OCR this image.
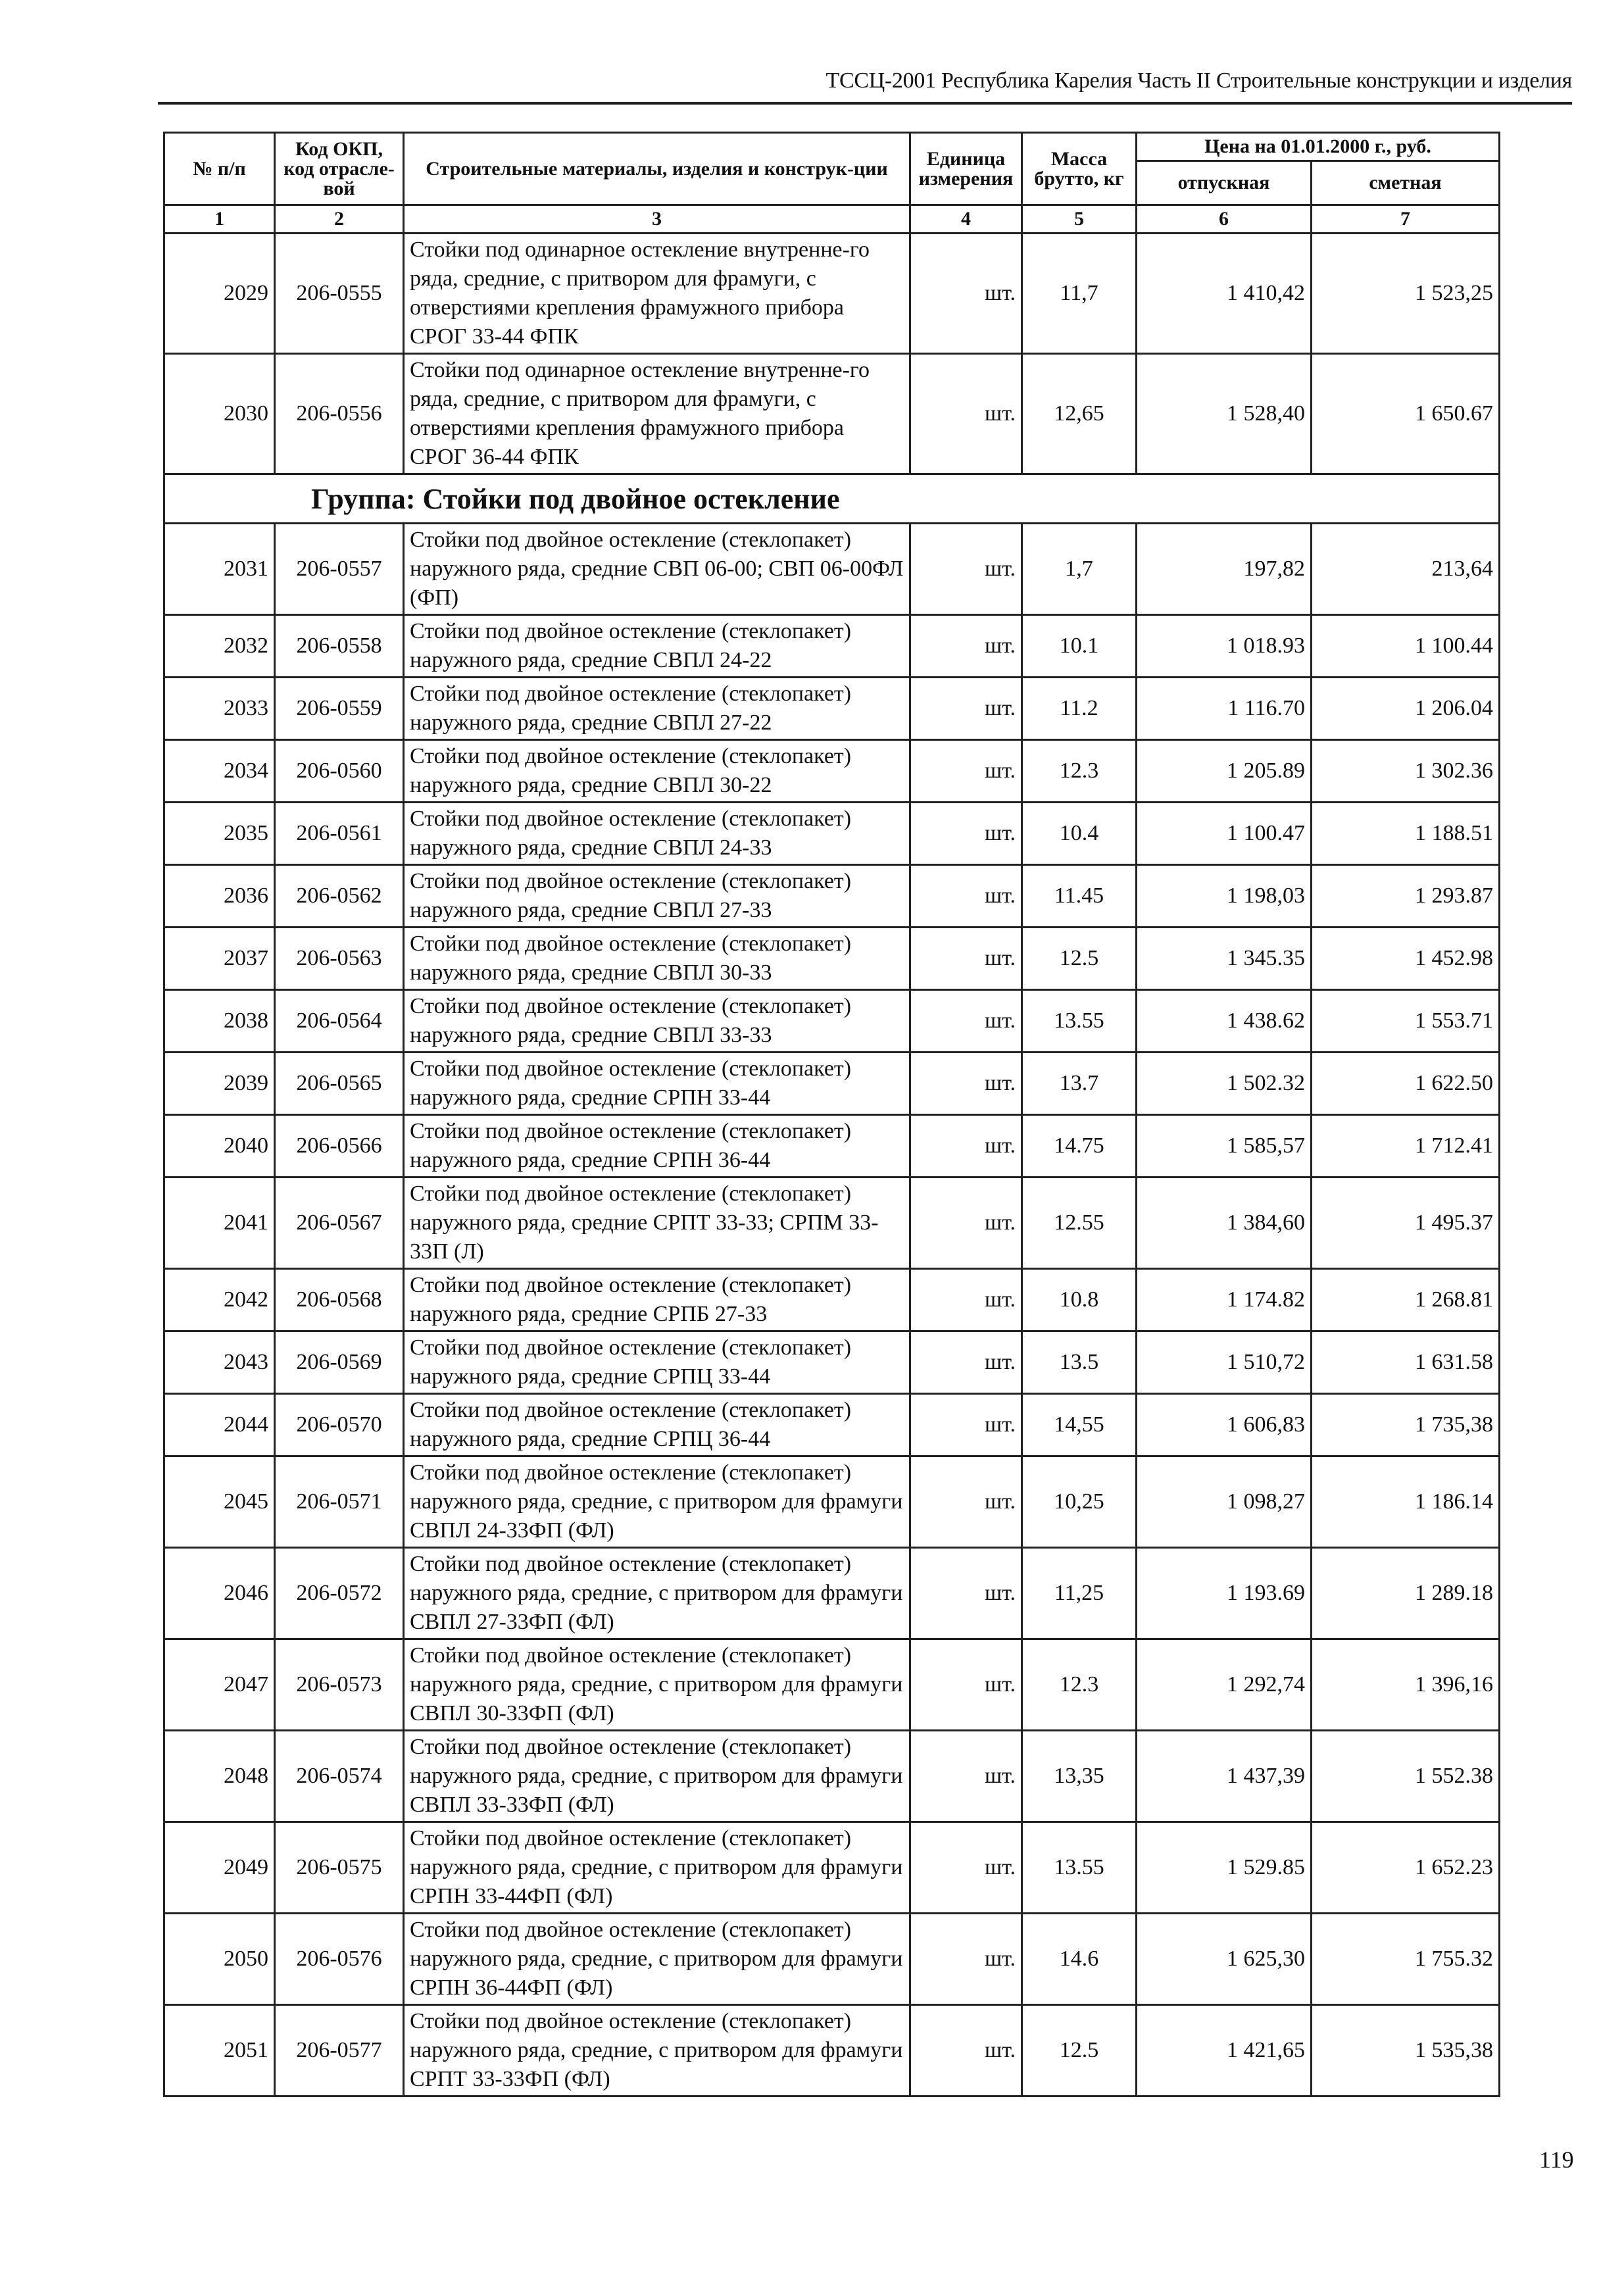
ТССЦ-2001 Республика Карелия Часть II Строительные конструкции и изделия
№ п/п	Код ОКП, код отрасле-вой	Строительные материалы, изделия и конструк-ции	Единица измерения	Масса брутто, кг	Цена на 01.01.2000 г., руб.	
					отпускная	сметная
1	2	3	4	5	6	7
2029	206-0555	Стойки под одинарное остекление внутренне-го ряда, средние, с притвором для фрамуги, с отверстиями крепления фрамужного прибора СРОГ 33-44 ФПК	шт.	11,7	1 410,42	1 523,25
2030	206-0556	Стойки под одинарное остекление внутренне-го ряда, средние, с притвором для фрамуги, с отверстиями крепления фрамужного прибора СРОГ 36-44 ФПК	шт.	12,65	1 528,40	1 650.67
Группа: Стойки под двойное остекление						
2031	206-0557	Стойки под двойное остекление (стеклопакет) наружного ряда, средние СВП 06-00; СВП 06-00ФЛ (ФП)	шт.	1,7	197,82	213,64
2032	206-0558	Стойки под двойное остекление (стеклопакет) наружного ряда, средние СВПЛ 24-22	шт.	10.1	1 018.93	1 100.44
2033	206-0559	Стойки под двойное остекление (стеклопакет) наружного ряда, средние СВПЛ 27-22	шт.	11.2	1 116.70	1 206.04
2034	206-0560	Стойки под двойное остекление (стеклопакет) наружного ряда, средние СВПЛ 30-22	шт.	12.3	1 205.89	1 302.36
2035	206-0561	Стойки под двойное остекление (стеклопакет) наружного ряда, средние СВПЛ 24-33	шт.	10.4	1 100.47	1 188.51
2036	206-0562	Стойки под двойное остекление (стеклопакет) наружного ряда, средние СВПЛ 27-33	шт.	11.45	1 198,03	1 293.87
2037	206-0563	Стойки под двойное остекление (стеклопакет) наружного ряда, средние СВПЛ 30-33	шт.	12.5	1 345.35	1 452.98
2038	206-0564	Стойки под двойное остекление (стеклопакет) наружного ряда, средние СВПЛ 33-33	шт.	13.55	1 438.62	1 553.71
2039	206-0565	Стойки под двойное остекление (стеклопакет) наружного ряда, средние СРПН 33-44	шт.	13.7	1 502.32	1 622.50
2040	206-0566	Стойки под двойное остекление (стеклопакет) наружного ряда, средние СРПН 36-44	шт.	14.75	1 585,57	1 712.41
2041	206-0567	Стойки под двойное остекление (стеклопакет) наружного ряда, средние СРПТ 33-33; СРПМ 33-33П (Л)	шт.	12.55	1 384,60	1 495.37
2042	206-0568	Стойки под двойное остекление (стеклопакет) наружного ряда, средние СРПБ 27-33	шт.	10.8	1 174.82	1 268.81
2043	206-0569	Стойки под двойное остекление (стеклопакет) наружного ряда, средние СРПЦ 33-44	шт.	13.5	1 510,72	1 631.58
2044	206-0570	Стойки под двойное остекление (стеклопакет) наружного ряда, средние СРПЦ 36-44	шт.	14,55	1 606,83	1 735,38
2045	206-0571	Стойки под двойное остекление (стеклопакет) наружного ряда, средние, с притвором для фрамуги СВПЛ 24-33ФП (ФЛ)	шт.	10,25	1 098,27	1 186.14
2046	206-0572	Стойки под двойное остекление (стеклопакет) наружного ряда, средние, с притвором для фрамуги СВПЛ 27-33ФП (ФЛ)	шт.	11,25	1 193.69	1 289.18
2047	206-0573	Стойки под двойное остекление (стеклопакет) наружного ряда, средние, с притвором для фрамуги СВПЛ 30-33ФП (ФЛ)	шт.	12.3	1 292,74	1 396,16
2048	206-0574	Стойки под двойное остекление (стеклопакет) наружного ряда, средние, с притвором для фрамуги СВПЛ 33-33ФП (ФЛ)	шт.	13,35	1 437,39	1 552.38
2049	206-0575	Стойки под двойное остекление (стеклопакет) наружного ряда, средние, с притвором для фрамуги СРПН 33-44ФП (ФЛ)	шт.	13.55	1 529.85	1 652.23
2050	206-0576	Стойки под двойное остекление (стеклопакет) наружного ряда, средние, с притвором для фрамуги СРПН 36-44ФП (ФЛ)	шт.	14.6	1 625,30	1 755.32
2051	206-0577	Стойки под двойное остекление (стеклопакет) наружного ряда, средние, с притвором для фрамуги СРПТ 33-33ФП (ФЛ)	шт.	12.5	1 421,65	1 535,38
119
